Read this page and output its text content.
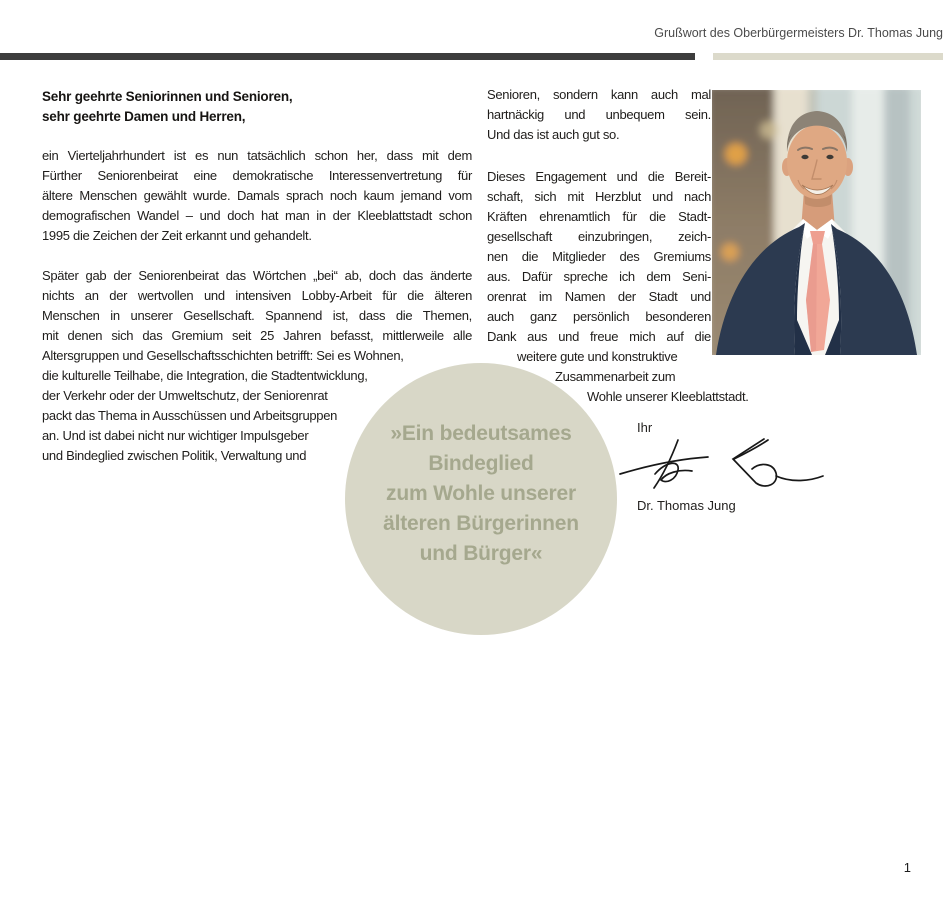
Grußwort des Oberbürgermeisters Dr. Thomas Jung
Sehr geehrte Seniorinnen und Senioren,
sehr geehrte Damen und Herren,
ein Vierteljahrhundert ist es nun tatsächlich schon her, dass mit dem
Fürther Seniorenbeirat eine demokratische Interessenvertretung für
ältere Menschen gewählt wurde. Damals sprach noch kaum jemand vom
demografischen Wandel – und doch hat man in der Kleeblattstadt schon
1995 die Zeichen der Zeit erkannt und gehandelt.
Später gab der Seniorenbeirat das Wörtchen „bei“ ab, doch das änderte
nichts an der wertvollen und intensiven Lobby-Arbeit für die älteren
Menschen in unserer Gesellschaft. Spannend ist, dass die Themen,
mit denen sich das Gremium seit 25 Jahren befasst, mittlerweile alle
Altersgruppen und Gesellschaftsschichten betrifft: Sei es Wohnen,
die kulturelle Teilhabe, die Integration, die Stadtentwicklung,
der Verkehr oder der Umweltschutz, der Seniorenrat
packt das Thema in Ausschüssen und Arbeitsgruppen
an. Und ist dabei nicht nur wichtiger Impulsgeber
und Bindeglied zwischen Politik, Verwaltung und
Senioren, sondern kann auch mal
hartnäckig und unbequem sein.
Und das ist auch gut so.
Dieses Engagement und die Bereit-
schaft, sich mit Herzblut und nach
Kräften ehrenamtlich für die Stadt-
gesellschaft einzubringen, zeich-
nen die Mitglieder des Gremiums
aus. Dafür spreche ich dem Seni-
orenrat im Namen der Stadt und
auch ganz persönlich besonderen
Dank aus und freue mich auf die
weitere gute und konstruktive
Zusammenarbeit zum
Wohle unserer Kleeblattstadt.
»Ein bedeutsames
Bindeglied
zum Wohle unserer
älteren Bürgerinnen
und Bürger«
Ihr
Dr. Thomas Jung
1
